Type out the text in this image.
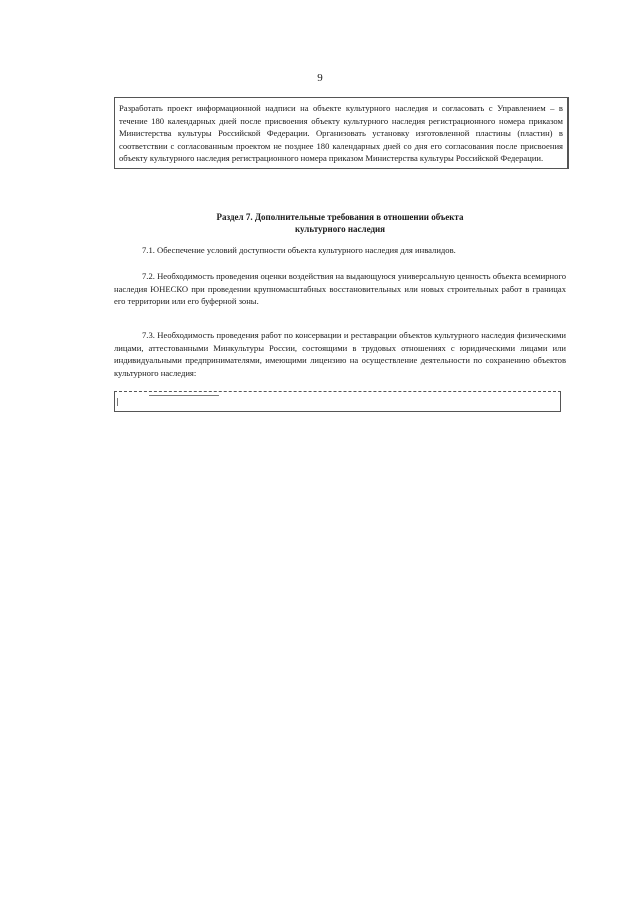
9
Разработать проект информационной надписи на объекте культурного наследия и согласовать с Управлением – в течение 180 календарных дней после присвоения объекту культурного наследия регистрационного номера приказом Министерства культуры Российской Федерации. Организовать установку изготовленной пластины (пластин) в соответствии с согласованным проектом не позднее 180 календарных дней со дня его согласования после присвоения объекту культурного наследия регистрационного номера приказом Министерства культуры Российской Федерации.
Раздел 7. Дополнительные требования в отношении объекта
культурного наследия
7.1. Обеспечение условий доступности объекта культурного наследия для инвалидов.
7.2. Необходимость проведения оценки воздействия на выдающуюся универсальную ценность объекта всемирного наследия ЮНЕСКО при проведении крупномасштабных восстановительных или новых строительных работ в границах его территории или его буферной зоны.
7.3. Необходимость проведения работ по консервации и реставрации объектов культурного наследия физическими лицами, аттестованными Минкультуры России, состоящими в трудовых отношениях с юридическими лицами или индивидуальными предпринимателями, имеющими лицензию на осуществление деятельности по сохранению объектов культурного наследия:
